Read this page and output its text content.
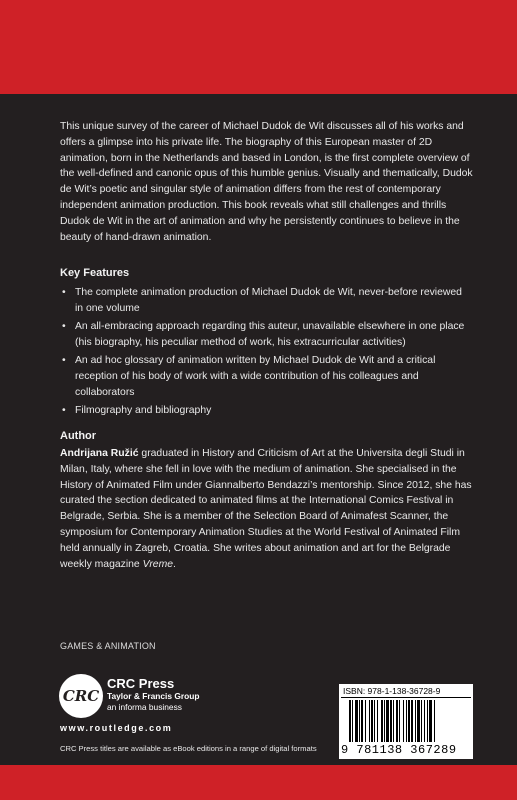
This unique survey of the career of Michael Dudok de Wit discusses all of his works and offers a glimpse into his private life. The biography of this European master of 2D animation, born in the Netherlands and based in London, is the first complete overview of the well-defined and canonic opus of this humble genius. Visually and thematically, Dudok de Wit’s poetic and singular style of animation differs from the rest of contemporary independent animation production. This book reveals what still challenges and thrills Dudok de Wit in the art of animation and why he persistently continues to believe in the beauty of hand-drawn animation.

Key Features
• The complete animation production of Michael Dudok de Wit, never-before reviewed in one volume
• An all-embracing approach regarding this auteur, unavailable elsewhere in one place (his biography, his peculiar method of work, his extracurricular activities)
• An ad hoc glossary of animation written by Michael Dudok de Wit and a critical reception of his body of work with a wide contribution of his colleagues and collaborators
• Filmography and bibliography
Author

Andrijana Ružić graduated in History and Criticism of Art at the Universita degli Studi in Milan, Italy, where she fell in love with the medium of animation. She specialised in the History of Animated Film under Giannalberto Bendazzi’s mentorship. Since 2012, she has curated the section dedicated to animated films at the International Comics Festival in Belgrade, Serbia. She is a member of the Selection Board of Animafest Scanner, the symposium for Contemporary Animation Studies at the World Festival of Animated Film held annually in Zagreb, Croatia. She writes about animation and art for the Belgrade weekly magazine Vreme.

GAMES & ANIMATION
CRC
CRC Press
Taylor & Francis Group
an informa business
www.routledge.com
CRC Press titles are available as eBook editions in a range of digital formats
ISBN: 978-1-138-36728-9
9 781138 367289
